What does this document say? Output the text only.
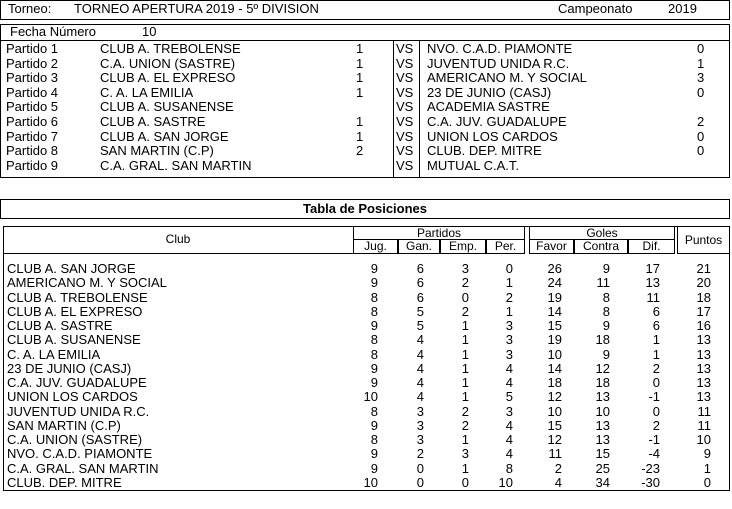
Torneo: TORNEO APERTURA 2019 - 5º DIVISION	Campeonato	2019
Fecha Número	10
Partido 1	CLUB A. TREBOLENSE	1	VS NVO. C.A.D. PIAMONTE	0
Partido 2	C.A. UNION (SASTRE)	1	VS JUVENTUD UNIDA R.C.	1
Partido 3	CLUB A. EL EXPRESO	1	VS AMERICANO M. Y SOCIAL	3
Partido 4	C. A. LA EMILIA	1	VS 23 DE JUNIO (CASJ)	0
Partido 5	CLUB A. SUSANENSE	VS ACADEMIA SASTRE
Partido 6	CLUB A. SASTRE	1	VS C.A. JUV. GUADALUPE	2
Partido 7	CLUB A. SAN JORGE	1	VS UNION LOS CARDOS	0
Partido 8	SAN MARTIN (C.P)	2	VS CLUB. DEP. MITRE	0
Partido 9	C.A. GRAL. SAN MARTIN	VS MUTUAL C.A.T.
Tabla de Posiciones
Club	Partidos	Goles	Puntos
Jug.	Gan.	Emp.	Per.	Favor	Contra	Dif.
CLUB A. SAN JORGE	9	6	3	0	26	9	17	21
AMERICANO M. Y SOCIAL	9	6	2	1	24	11	13	20
CLUB A. TREBOLENSE	8	6	0	2	19	8	11	18
CLUB A. EL EXPRESO	8	5	2	1	14	8	6	17
CLUB A. SASTRE	9	5	1	3	15	9	6	16
CLUB A. SUSANENSE	8	4	1	3	19	18	1	13
C. A. LA EMILIA	8	4	1	3	10	9	1	13
23 DE JUNIO (CASJ)	9	4	1	4	14	12	2	13
C.A. JUV. GUADALUPE	9	4	1	4	18	18	0	13
UNION LOS CARDOS	10	4	1	5	12	13	-1	13
JUVENTUD UNIDA R.C.	8	3	2	3	10	10	0	11
SAN MARTIN (C.P)	9	3	2	4	15	13	2	11
C.A. UNION (SASTRE)	8	3	1	4	12	13	-1	10
NVO. C.A.D. PIAMONTE	9	2	3	4	11	15	-4	9
C.A. GRAL. SAN MARTIN	9	0	1	8	2	25	-23	1
CLUB. DEP. MITRE	10	0	0	10	4	34	-30	0
